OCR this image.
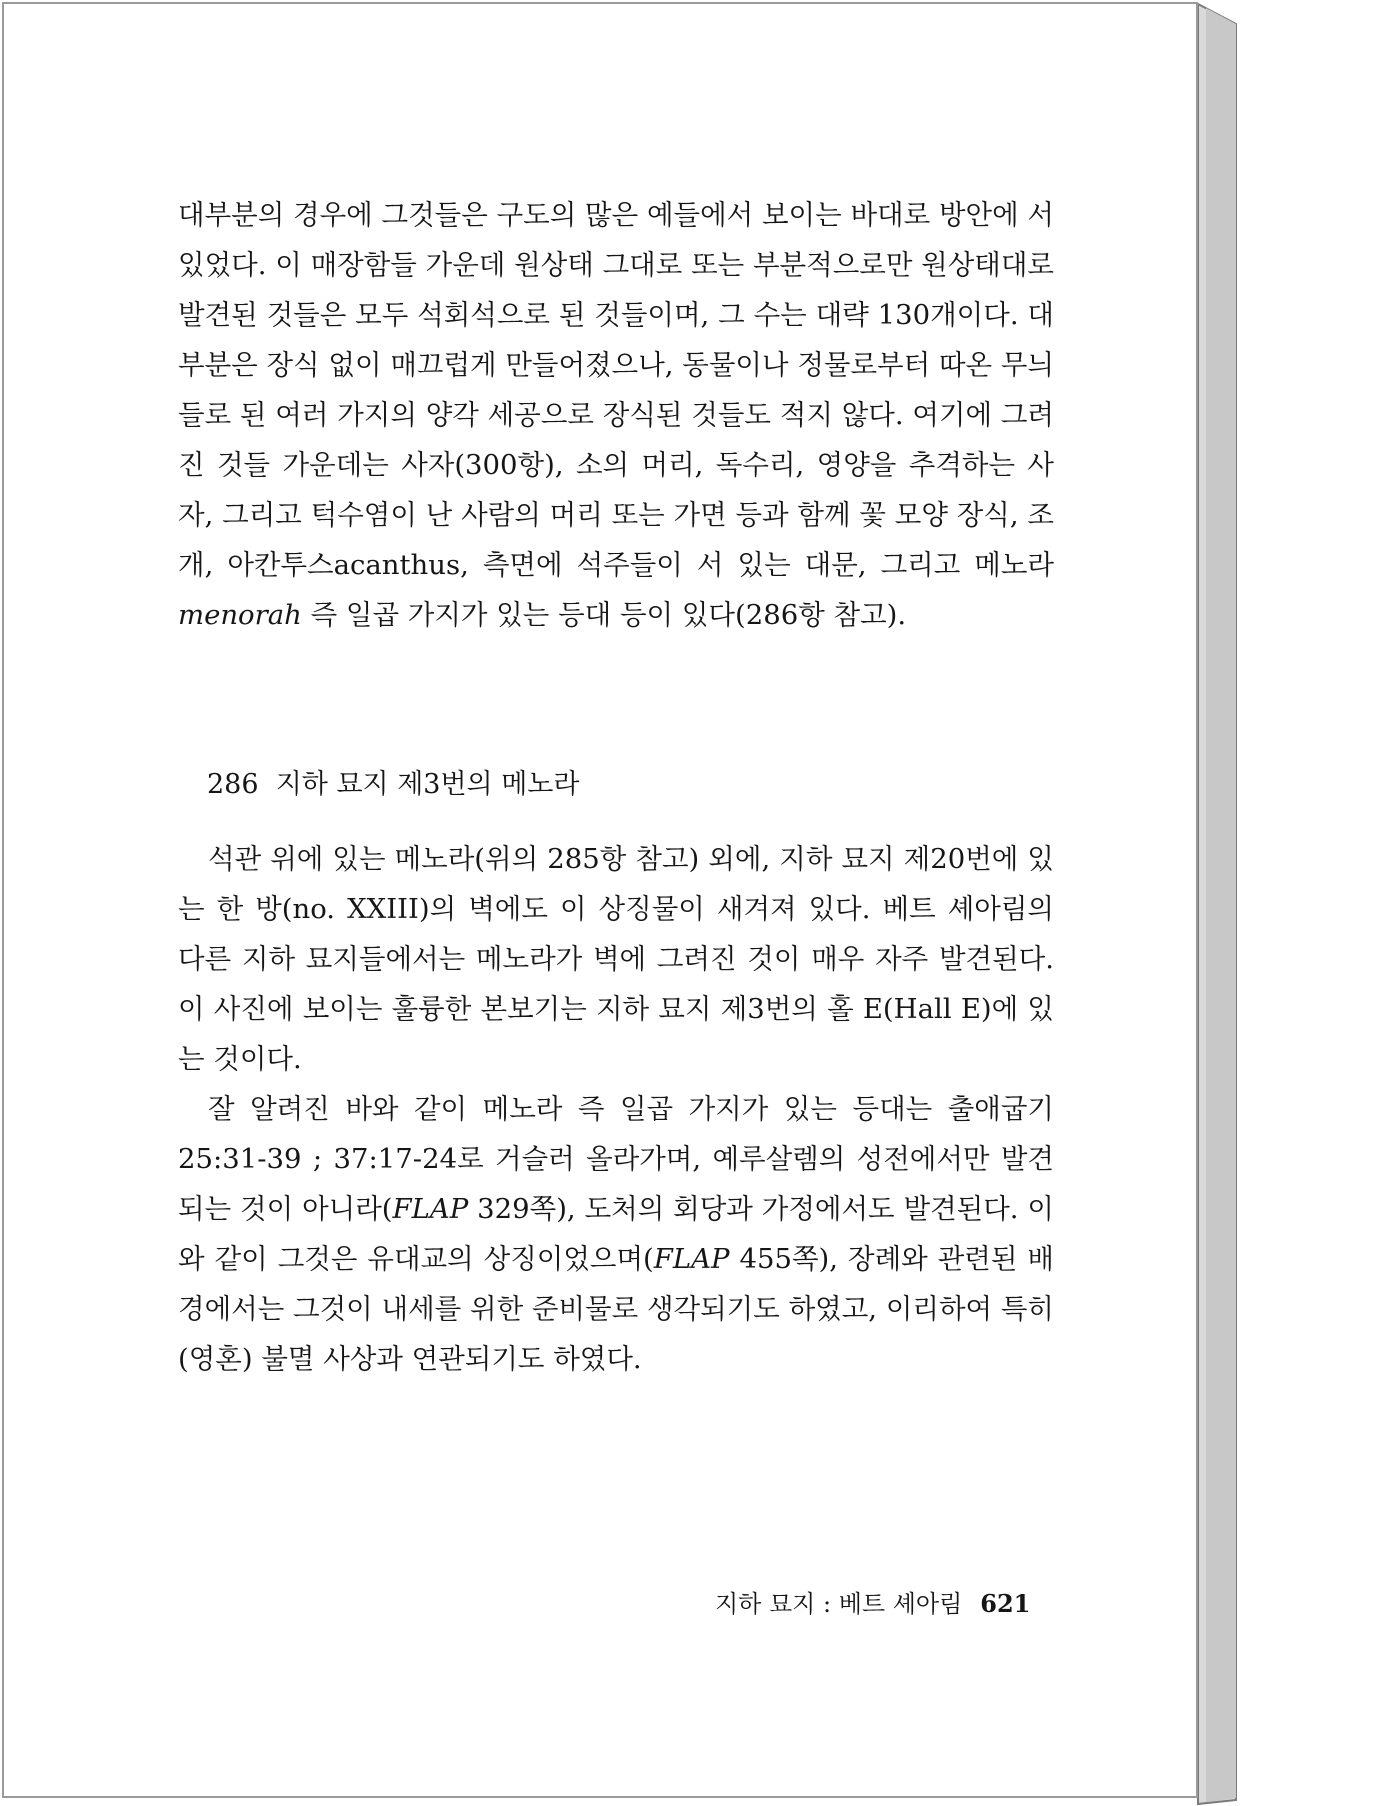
대부분의 경우에 그것들은 구도의 많은 예들에서 보이는 바대로 방안에 서 있었다. 이 매장함들 가운데 원상태 그대로 또는 부분적으로만 원상태대로 발견된 것들은 모두 석회석으로 된 것들이며, 그 수는 대략 130개이다. 대부분은 장식 없이 매끄럽게 만들어졌으나, 동물이나 정물로부터 따온 무늬들로 된 여러 가지의 양각 세공으로 장식된 것들도 적지 않다. 여기에 그려진 것들 가운데는 사자(300항), 소의 머리, 독수리, 영양을 추격하는 사자, 그리고 턱수염이 난 사람의 머리 또는 가면 등과 함께 꽃 모양 장식, 조개, 아칸투스acanthus, 측면에 석주들이 서 있는 대문, 그리고 메노라menorah 즉 일곱 가지가 있는 등대 등이 있다(286항 참고).

286  지하 묘지 제3번의 메노라

석관 위에 있는 메노라(위의 285항 참고) 외에, 지하 묘지 제20번에 있는 한 방(no. XXIII)의 벽에도 이 상징물이 새겨져 있다. 베트 셰아림의 다른 지하 묘지들에서는 메노라가 벽에 그려진 것이 매우 자주 발견된다. 이 사진에 보이는 훌륭한 본보기는 지하 묘지 제3번의 홀 E(Hall E)에 있는 것이다.

잘 알려진 바와 같이 메노라 즉 일곱 가지가 있는 등대는 출애굽기 25:31-39 ; 37:17-24로 거슬러 올라가며, 예루살렘의 성전에서만 발견되는 것이 아니라(FLAP 329쪽), 도처의 회당과 가정에서도 발견된다. 이와 같이 그것은 유대교의 상징이었으며(FLAP 455쪽), 장례와 관련된 배경에서는 그것이 내세를 위한 준비물로 생각되기도 하였고, 이리하여 특히 (영혼) 불멸 사상과 연관되기도 하였다.

지하 묘지 : 베트 셰아림 621
